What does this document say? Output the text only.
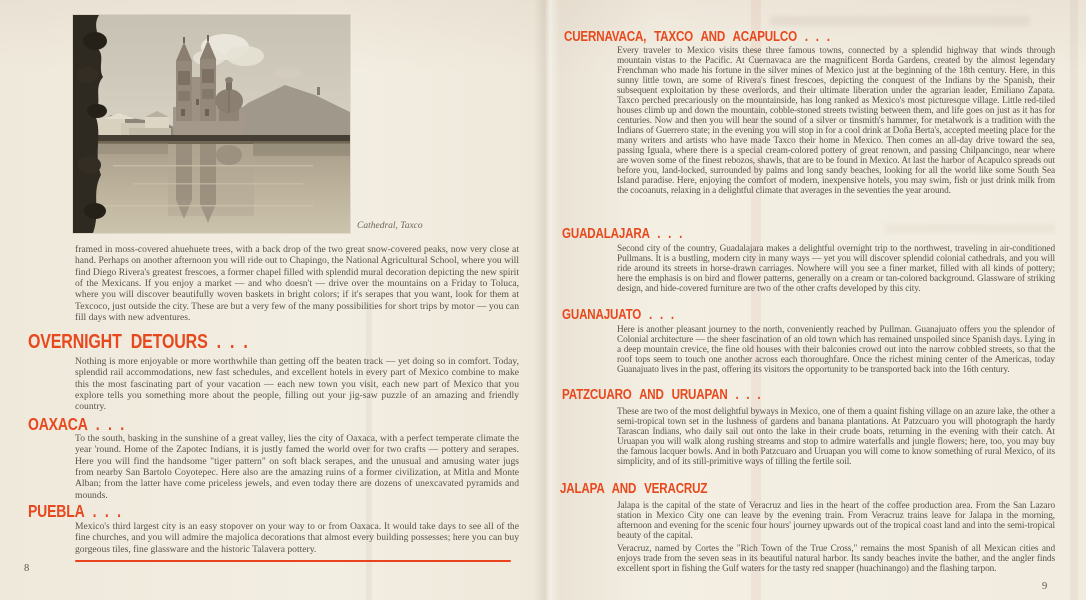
Cathedral, Taxco
framed in moss-covered ahuehuete trees, with a back drop of the two great snow-covered peaks, now very close at hand. Perhaps on another afternoon you will ride out to Chapingo, the National Agricultural School, where you will find Diego Rivera's greatest frescoes, a former chapel filled with splendid mural decoration depicting the new spirit of the Mexicans. If you enjoy a market — and who doesn't — drive over the mountains on a Friday to Toluca, where you will discover beautifully woven baskets in bright colors; if it's serapes that you want, look for them at Texcoco, just outside the city. These are but a very few of the many possibilities for short trips by motor — you can fill days with new adventures.
OVERNIGHT DETOURS . . .
Nothing is more enjoyable or more worthwhile than getting off the beaten track — yet doing so in comfort. Today, splendid rail accommodations, new fast schedules, and excellent hotels in every part of Mexico combine to make this the most fascinating part of your vacation — each new town you visit, each new part of Mexico that you explore tells you something more about the people, filling out your jig-saw puzzle of an amazing and friendly country.
OAXACA . . .
To the south, basking in the sunshine of a great valley, lies the city of Oaxaca, with a perfect temperate climate the year 'round. Home of the Zapotec Indians, it is justly famed the world over for two crafts — pottery and serapes. Here you will find the handsome "tiger pattern" on soft black serapes, and the unusual and amusing water jugs from nearby San Bartolo Coyotepec. Here also are the amazing ruins of a former civilization, at Mitla and Monte Alban; from the latter have come priceless jewels, and even today there are dozens of unexcavated pyramids and mounds.
PUEBLA . . .
Mexico's third largest city is an easy stopover on your way to or from Oaxaca. It would take days to see all of the fine churches, and you will admire the majolica decorations that almost every building possesses; here you can buy gorgeous tiles, fine glassware and the historic Talavera pottery.
8
CUERNAVACA, TAXCO AND ACAPULCO . . .
Every traveler to Mexico visits these three famous towns, connected by a splendid highway that winds through mountain vistas to the Pacific. At Cuernavaca are the magnificent Borda Gardens, created by the almost legendary Frenchman who made his fortune in the silver mines of Mexico just at the beginning of the 18th century. Here, in this sunny little town, are some of Rivera's finest frescoes, depicting the conquest of the Indians by the Spanish, their subsequent exploitation by these overlords, and their ultimate liberation under the agrarian leader, Emiliano Zapata. Taxco perched precariously on the mountainside, has long ranked as Mexico's most picturesque village. Little red-tiled houses climb up and down the mountain, cobble-stoned streets twisting between them, and life goes on just as it has for centuries. Now and then you will hear the sound of a silver or tinsmith's hammer, for metalwork is a tradition with the Indians of Guerrero state; in the evening you will stop in for a cool drink at Doña Berta's, accepted meeting place for the many writers and artists who have made Taxco their home in Mexico. Then comes an all-day drive toward the sea, passing Iguala, where there is a special cream-colored pottery of great renown, and passing Chilpancingo, near where are woven some of the finest rebozos, shawls, that are to be found in Mexico. At last the harbor of Acapulco spreads out before you, land-locked, surrounded by palms and long sandy beaches, looking for all the world like some South Sea Island paradise. Here, enjoying the comfort of modern, inexpensive hotels, you may swim, fish or just drink milk from the cocoanuts, relaxing in a delightful climate that averages in the seventies the year around.
GUADALAJARA . . .
Second city of the country, Guadalajara makes a delightful overnight trip to the northwest, traveling in air-conditioned Pullmans. It is a bustling, modern city in many ways — yet you will discover splendid colonial cathedrals, and you will ride around its streets in horse-drawn carriages. Nowhere will you see a finer market, filled with all kinds of pottery; here the emphasis is on bird and flower patterns, generally on a cream or tan-colored background. Glassware of striking design, and hide-covered furniture are two of the other crafts developed by this city.
GUANAJUATO . . .
Here is another pleasant journey to the north, conveniently reached by Pullman. Guanajuato offers you the splendor of Colonial architecture — the sheer fascination of an old town which has remained unspoiled since Spanish days. Lying in a deep mountain crevice, the fine old houses with their balconies crowd out into the narrow cobbled streets, so that the roof tops seem to touch one another across each thoroughfare. Once the richest mining center of the Americas, today Guanajuato lives in the past, offering its visitors the opportunity to be transported back into the 16th century.
PATZCUARO AND URUAPAN . . .
These are two of the most delightful byways in Mexico, one of them a quaint fishing village on an azure lake, the other a semi-tropical town set in the lushness of gardens and banana plantations. At Patzcuaro you will photograph the hardy Tarascan Indians, who daily sail out onto the lake in their crude boats, returning in the evening with their catch. At Uruapan you will walk along rushing streams and stop to admire waterfalls and jungle flowers; here, too, you may buy the famous lacquer bowls. And in both Patzcuaro and Uruapan you will come to know something of rural Mexico, of its simplicity, and of its still-primitive ways of tilling the fertile soil.
JALAPA AND VERACRUZ
Jalapa is the capital of the state of Veracruz and lies in the heart of the coffee production area. From the San Lazaro station in Mexico City one can leave by the evening train. From Veracruz trains leave for Jalapa in the morning, afternoon and evening for the scenic four hours' journey upwards out of the tropical coast land and into the semi-tropical beauty of the capital.
Veracruz, named by Cortes the "Rich Town of the True Cross," remains the most Spanish of all Mexican cities and enjoys trade from the seven seas in its beautiful natural harbor. Its sandy beaches invite the bather, and the angler finds excellent sport in fishing the Gulf waters for the tasty red snapper (huachinango) and the flashing tarpon.
9
